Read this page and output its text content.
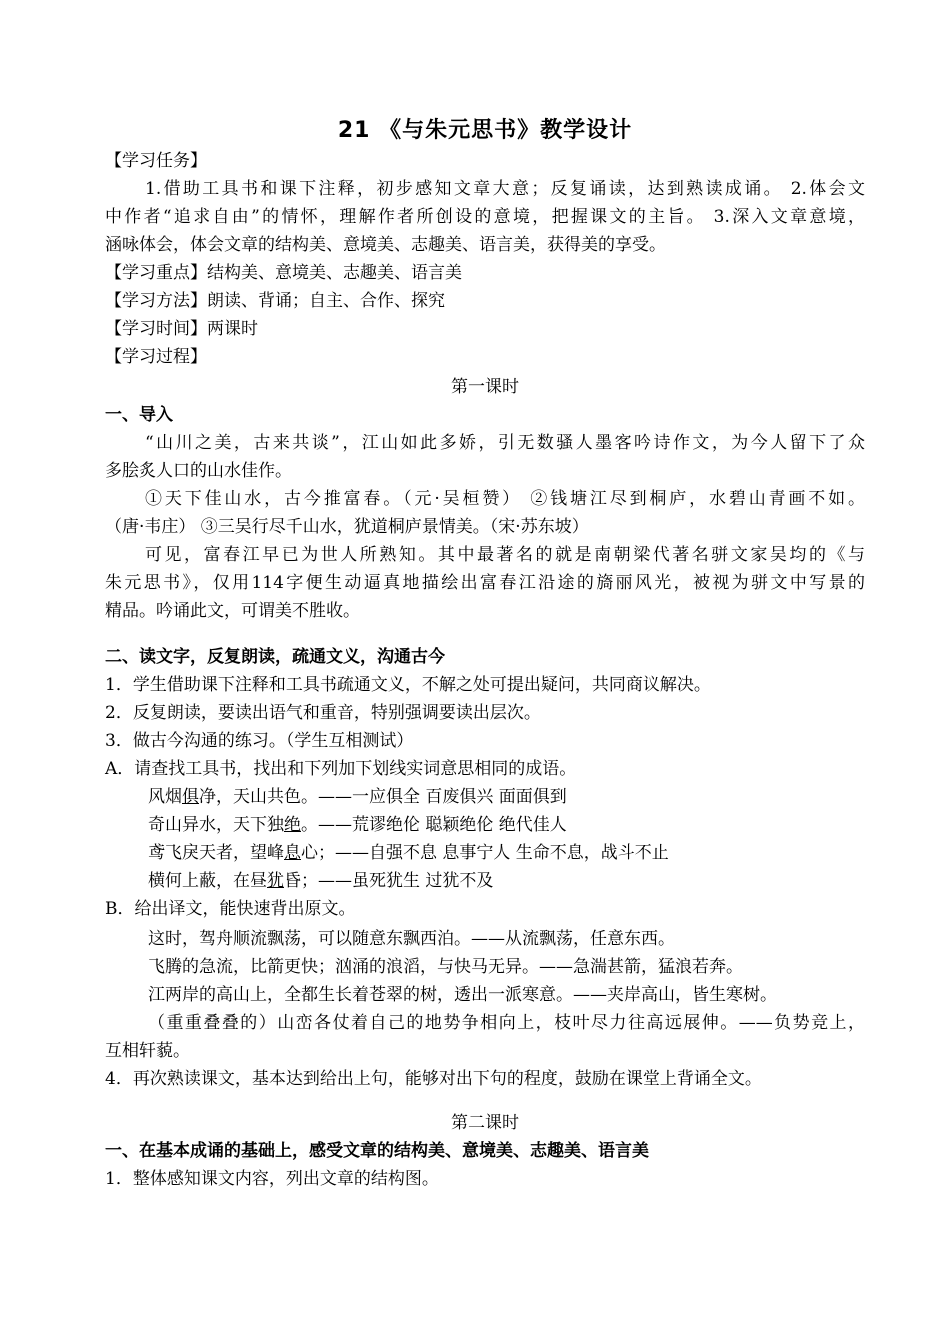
21 《与朱元思书》教学设计
【学习任务】
1.借助工具书和课下注释，初步感知文章大意；反复诵读，达到熟读成诵。 2.体会文
中作者“追求自由”的情怀，理解作者所创设的意境，把握课文的主旨。 3.深入文章意境，
涵咏体会，体会文章的结构美、意境美、志趣美、语言美，获得美的享受。
【学习重点】结构美、意境美、志趣美、语言美
【学习方法】朗读、背诵；自主、合作、探究
【学习时间】两课时
【学习过程】
第一课时
一、导入
“山川之美，古来共谈”，江山如此多娇，引无数骚人墨客吟诗作文，为今人留下了众
多脍炙人口的山水佳作。
①天下佳山水，古今推富春。（元·吴桓赞） ②钱塘江尽到桐庐，水碧山青画不如。
（唐·韦庄） ③三吴行尽千山水，犹道桐庐景情美。（宋·苏东坡）
可见，富春江早已为世人所熟知。其中最著名的就是南朝梁代著名骈文家吴均的《与
朱元思书》，仅用114字便生动逼真地描绘出富春江沿途的旖丽风光，被视为骈文中写景的
精品。吟诵此文，可谓美不胜收。
二、读文字，反复朗读，疏通文义，沟通古今
1．学生借助课下注释和工具书疏通文义，不解之处可提出疑问，共同商议解决。
2．反复朗读，要读出语气和重音，特别强调要读出层次。
3．做古今沟通的练习。（学生互相测试）
A．请查找工具书，找出和下列加下划线实词意思相同的成语。
风烟俱净，天山共色。——一应俱全 百废俱兴 面面俱到
奇山异水，天下独绝。——荒谬绝伦 聪颖绝伦 绝代佳人
鸢飞戾天者，望峰息心；——自强不息 息事宁人 生命不息，战斗不止
横何上蔽，在昼犹昏；——虽死犹生 过犹不及
B．给出译文，能快速背出原文。
这时，驾舟顺流飘荡，可以随意东飘西泊。——从流飘荡，任意东西。
飞腾的急流，比箭更快；汹涌的浪滔，与快马无异。——急湍甚箭，猛浪若奔。
江两岸的高山上，全都生长着苍翠的树，透出一派寒意。——夹岸高山，皆生寒树。
（重重叠叠的）山峦各仗着自己的地势争相向上，枝叶尽力往高远展伸。——负势竞上，
互相轩藐。
4．再次熟读课文，基本达到给出上句，能够对出下句的程度，鼓励在课堂上背诵全文。
第二课时
一、在基本成诵的基础上，感受文章的结构美、意境美、志趣美、语言美
1．整体感知课文内容，列出文章的结构图。
